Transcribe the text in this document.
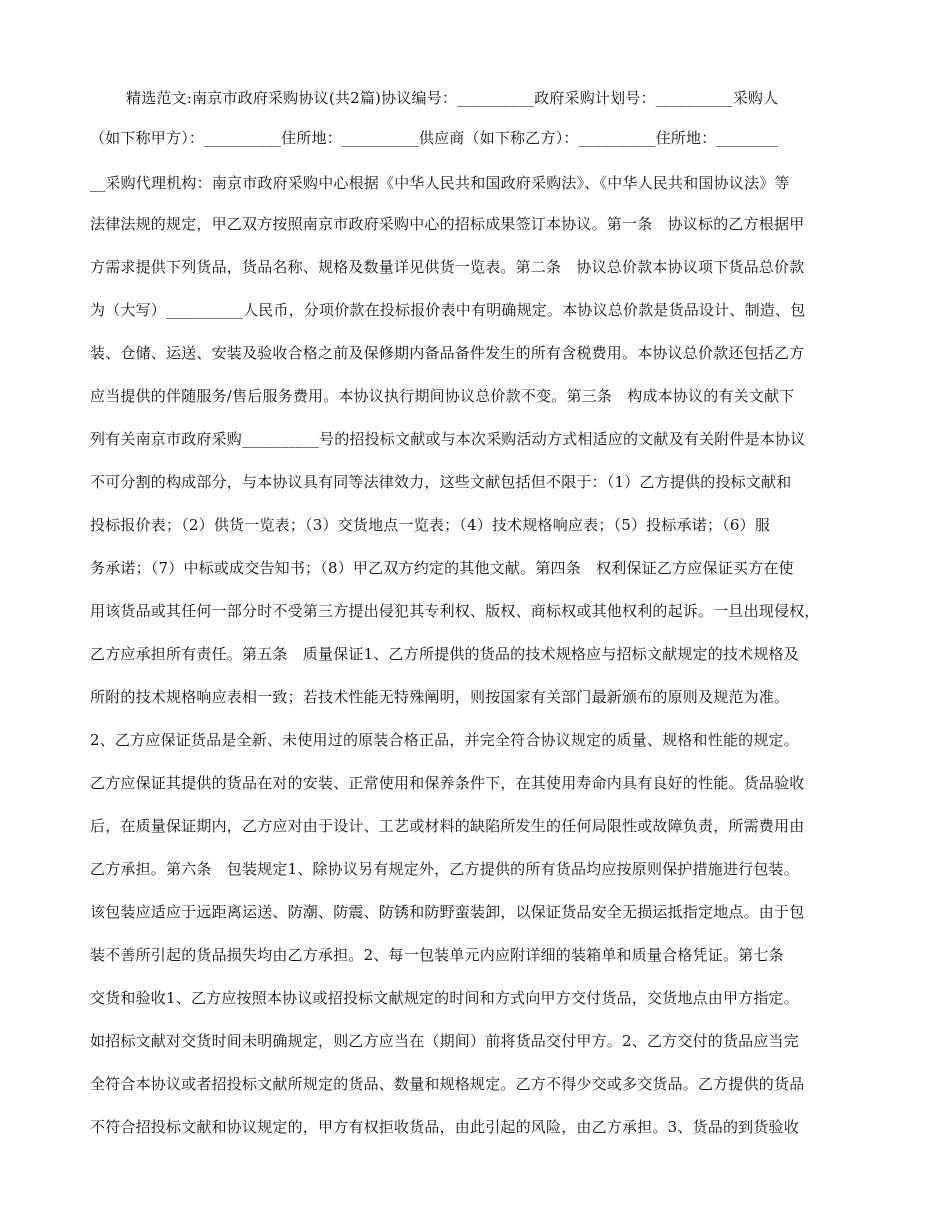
精选范文:南京市政府采购协议(共2篇)协议编号：__________政府采购计划号：__________采购人
（如下称甲方）：__________住所地：__________供应商（如下称乙方）：__________住所地：________
__采购代理机构：南京市政府采购中心根据《中华人民共和国政府采购法》、《中华人民共和国协议法》等
法律法规的规定，甲乙双方按照南京市政府采购中心的招标成果签订本协议。第一条　协议标的乙方根据甲
方需求提供下列货品，货品名称、规格及数量详见供货一览表。第二条　协议总价款本协议项下货品总价款
为（大写）__________人民币，分项价款在投标报价表中有明确规定。本协议总价款是货品设计、制造、包
装、仓储、运送、安装及验收合格之前及保修期内备品备件发生的所有含税费用。本协议总价款还包括乙方
应当提供的伴随服务/售后服务费用。本协议执行期间协议总价款不变。第三条　构成本协议的有关文献下
列有关南京市政府采购__________号的招投标文献或与本次采购活动方式相适应的文献及有关附件是本协议
不可分割的构成部分，与本协议具有同等法律效力，这些文献包括但不限于：（1）乙方提供的投标文献和
投标报价表；（2）供货一览表；（3）交货地点一览表；（4）技术规格响应表；（5）投标承诺；（6）服
务承诺；（7）中标或成交告知书；（8）甲乙双方约定的其他文献。第四条　权利保证乙方应保证买方在使
用该货品或其任何一部分时不受第三方提出侵犯其专利权、版权、商标权或其他权利的起诉。一旦出现侵权，
乙方应承担所有责任。第五条　质量保证1、乙方所提供的货品的技术规格应与招标文献规定的技术规格及
所附的技术规格响应表相一致；若技术性能无特殊阐明，则按国家有关部门最新颁布的原则及规范为准。
2、乙方应保证货品是全新、未使用过的原装合格正品，并完全符合协议规定的质量、规格和性能的规定。
乙方应保证其提供的货品在对的安装、正常使用和保养条件下，在其使用寿命内具有良好的性能。货品验收
后，在质量保证期内，乙方应对由于设计、工艺或材料的缺陷所发生的任何局限性或故障负责，所需费用由
乙方承担。第六条　包装规定1、除协议另有规定外，乙方提供的所有货品均应按原则保护措施进行包装。
该包装应适应于远距离运送、防潮、防震、防锈和防野蛮装卸，以保证货品安全无损运抵指定地点。由于包
装不善所引起的货品损失均由乙方承担。2、每一包装单元内应附详细的装箱单和质量合格凭证。第七条
交货和验收1、乙方应按照本协议或招投标文献规定的时间和方式向甲方交付货品，交货地点由甲方指定。
如招标文献对交货时间未明确规定，则乙方应当在（期间）前将货品交付甲方。2、乙方交付的货品应当完
全符合本协议或者招投标文献所规定的货品、数量和规格规定。乙方不得少交或多交货品。乙方提供的货品
不符合招投标文献和协议规定的，甲方有权拒收货品，由此引起的风险，由乙方承担。3、货品的到货验收
